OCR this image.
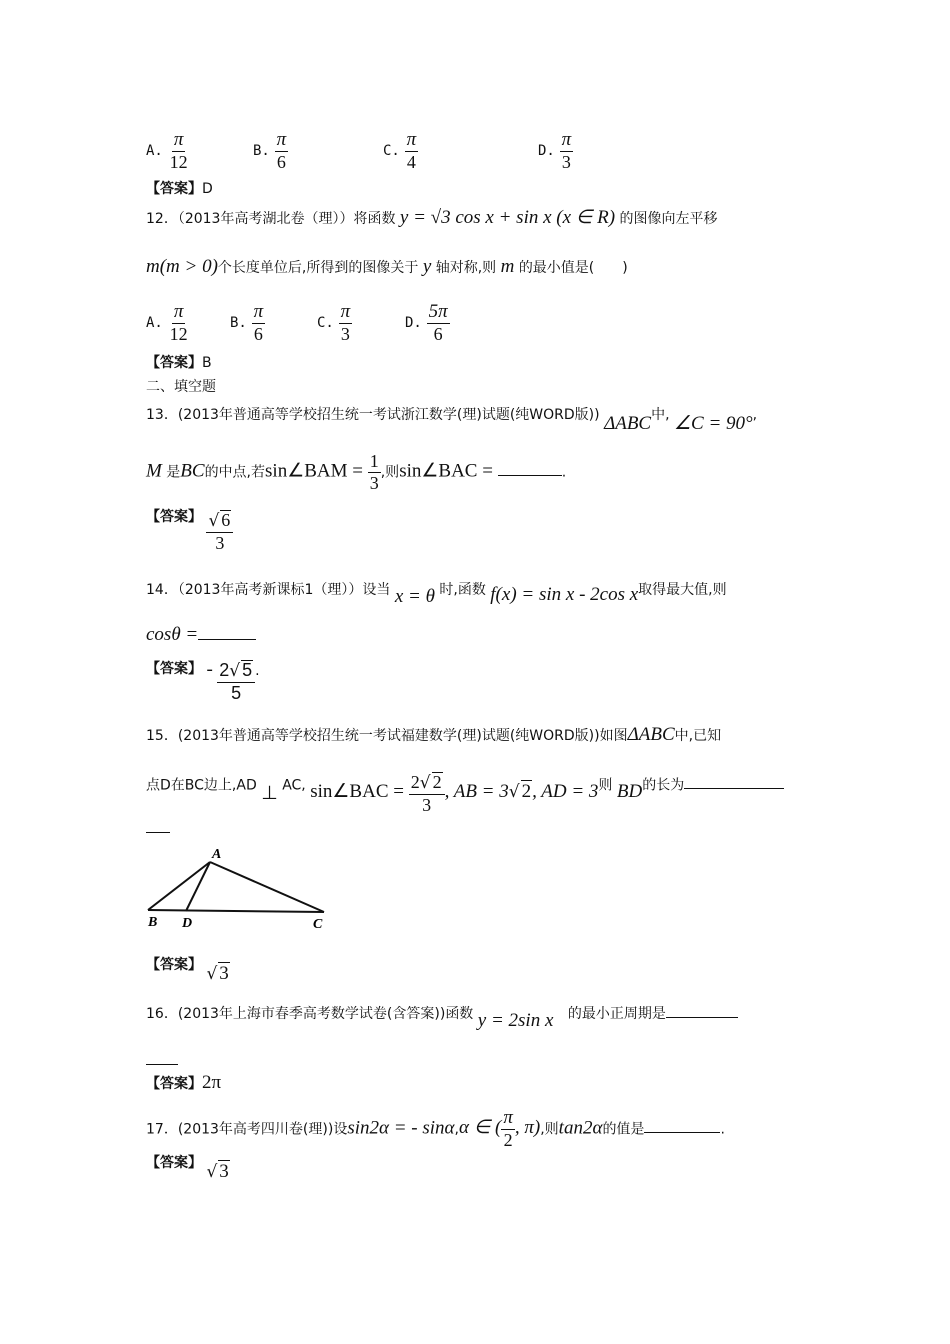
A. $\frac{\pi}{12}$	B. $\frac{\pi}{6}$	C. $\frac{\pi}{4}$	D. $\frac{\pi}{3}$
【答案】D
12．（2013年高考湖北卷（理））将函数 y = √3 cos x + sin x (x ∈ R) 的图像向左平移
m(m > 0)个长度单位后,所得到的图像关于 y 轴对称,则 m 的最小值是(　　)
A. $\frac{\pi}{12}$	B. $\frac{\pi}{6}$	C. $\frac{\pi}{3}$	D. $\frac{5\pi}{6}$
【答案】B
二、填空题
13．(2013年普通高等学校招生统一考试浙江数学(理)试题(纯WORD版)) ΔABC中, ∠C = 90°,
M 是BC的中点,若sin∠BAM = $\frac{1}{3}$ ,则sin∠BAC =	.
【答案】 $\frac{√ 6}{3}$
14．（2013年高考新课标1（理））设当 x = θ 时,函数 f(x) = sin x - 2cos x取得最大值,则
cosθ =
【答案】 - $\frac{2√ 5}{5}$ .
15．(2013年普通高等学校招生统一考试福建数学(理)试题(纯WORD版))如图ΔABC中,已知
点D在BC边上,AD ⊥ AC, sin∠BAC = $\frac{2√ 2}{3}$ , AB = 3√ 2, AD = 3则 BD的长为
A
B D	C
【答案】 √ 3
16．(2013年上海市春季高考数学试卷(含答案))函数 y = 2sin x 的最小正周期是
【答案】2π
17．(2013年高考四川卷(理))设sin2α = - sinα,α ∈ ( $\frac{\pi}{2}$ , π),则tan2α的值是	.
【答案】 √ 3
